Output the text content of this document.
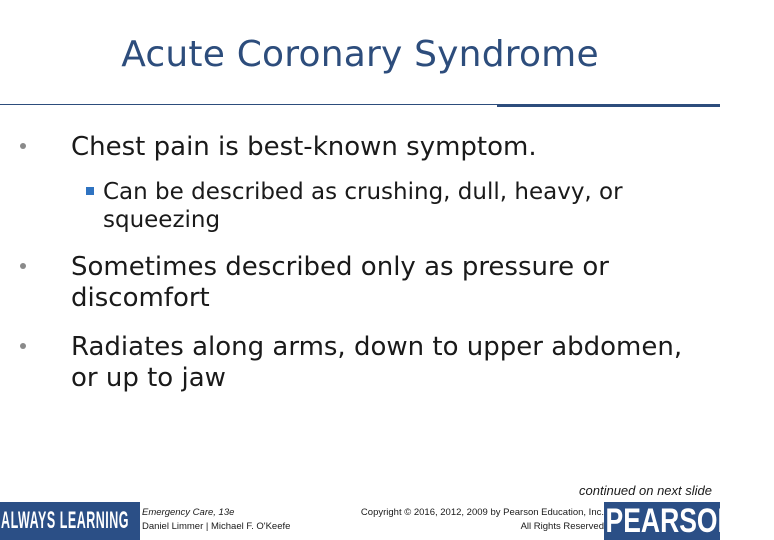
Acute Coronary Syndrome
Chest pain is best-known symptom.
Can be described as crushing, dull, heavy, or squeezing
Sometimes described only as pressure or discomfort
Radiates along arms, down to upper abdomen, or up to jaw
continued on next slide
ALWAYS LEARNING	Emergency Care, 13e
Daniel Limmer | Michael F. O'Keefe
Copyright © 2016, 2012, 2009 by Pearson Education, Inc.
All Rights Reserved PEARSON
